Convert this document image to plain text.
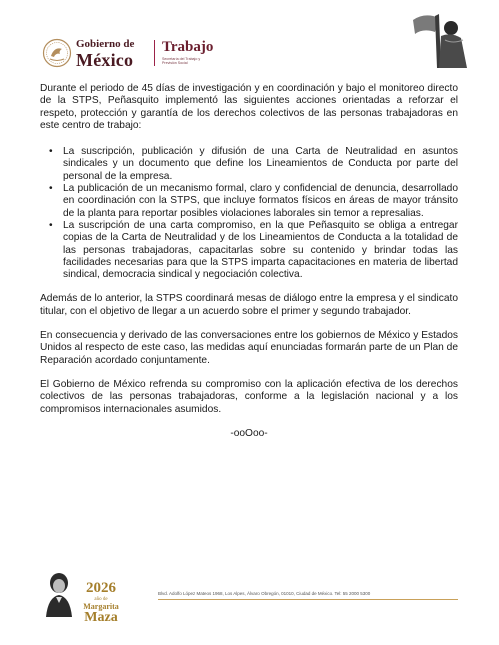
Gobierno de
México
Trabajo
Secretaría del Trabajo y Previsión Social

Durante el periodo de 45 días de investigación y en coordinación y bajo el monitoreo directo de la STPS, Peñasquito implementó las siguientes acciones orientadas a reforzar el respeto, protección y garantía de los derechos colectivos de las personas trabajadoras en este centro de trabajo:

• La suscripción, publicación y difusión de una Carta de Neutralidad en asuntos sindicales y un documento que define los Lineamientos de Conducta por parte del personal de la empresa.
• La publicación de un mecanismo formal, claro y confidencial de denuncia, desarrollado en coordinación con la STPS, que incluye formatos físicos en áreas de mayor tránsito de la planta para reportar posibles violaciones laborales sin temor a represalias.
• La suscripción de una carta compromiso, en la que Peñasquito se obliga a entregar copias de la Carta de Neutralidad y de los Lineamientos de Conducta a la totalidad de las personas trabajadoras, capacitarlas sobre su contenido y brindar todas las facilidades necesarias para que la STPS imparta capacitaciones en materia de libertad sindical, democracia sindical y negociación colectiva.

Además de lo anterior, la STPS coordinará mesas de diálogo entre la empresa y el sindicato titular, con el objetivo de llegar a un acuerdo sobre el primer y segundo trabajador.

En consecuencia y derivado de las conversaciones entre los gobiernos de México y Estados Unidos al respecto de este caso, las medidas aquí enunciadas formarán parte de un Plan de Reparación acordado conjuntamente.

El Gobierno de México refrenda su compromiso con la aplicación efectiva de los derechos colectivos de las personas trabajadoras, conforme a la legislación nacional y a los compromisos internacionales asumidos.

-ooOoo-

2026
año de
Margarita
Maza
Blvd. Adolfo López Mateos 1968, Los Alpes, Álvaro Obregón, 01010, Ciudad de México. Tel: 55 2000 5300
